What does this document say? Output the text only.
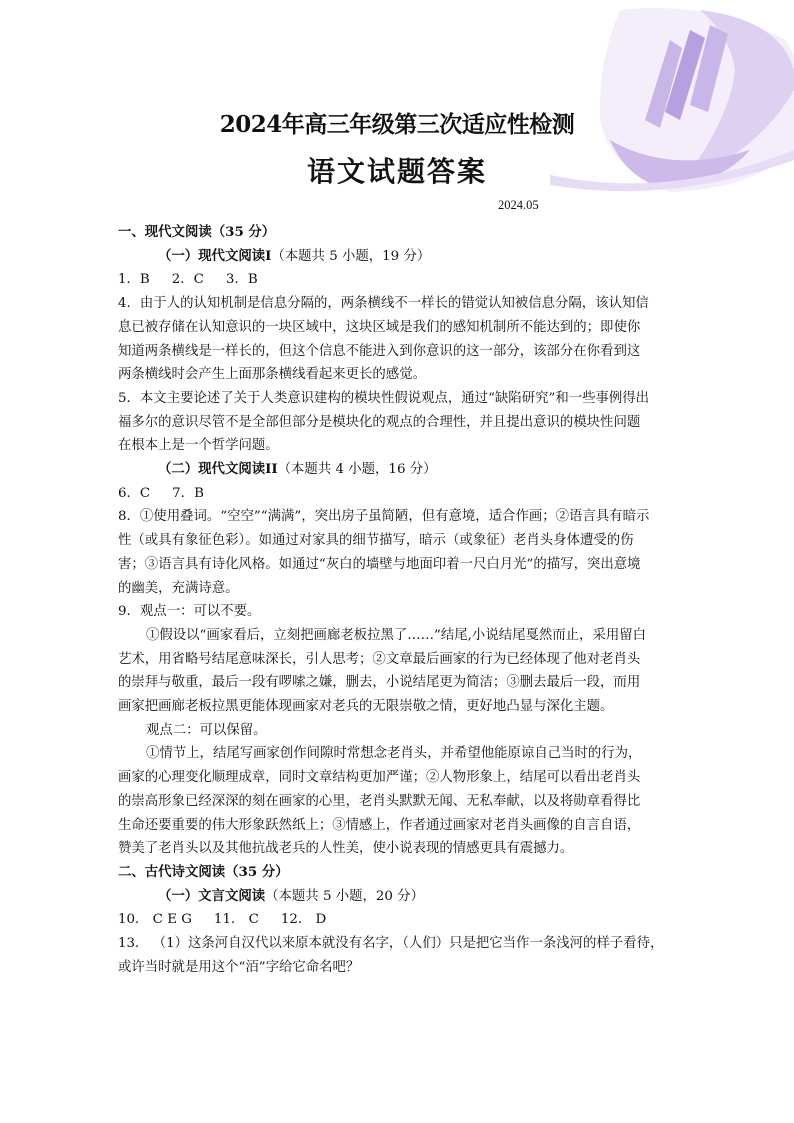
2024年高三年级第三次适应性检测
语文试题答案
2024.05

一、现代文阅读（35 分）

（一）现代文阅读I（本题共 5 小题，19 分）

1．B 2．C 3．B

4．由于人的认知机制是信息分隔的，两条横线不一样长的错觉认知被信息分隔，该认知信

息已被存储在认知意识的一块区域中，这块区域是我们的感知机制所不能达到的；即使你

知道两条横线是一样长的，但这个信息不能进入到你意识的这一部分，该部分在你看到这

两条横线时会产生上面那条横线看起来更长的感觉。

5．本文主要论述了关于人类意识建构的模块性假说观点，通过“缺陷研究”和一些事例得出

福多尔的意识尽管不是全部但部分是模块化的观点的合理性，并且提出意识的模块性问题

在根本上是一个哲学问题。

（二）现代文阅读II（本题共 4 小题，16 分）

6．C 7．B

8．①使用叠词。“空空”“满满”，突出房子虽简陋，但有意境，适合作画；②语言具有暗示

性（或具有象征色彩）。如通过对家具的细节描写，暗示（或象征）老肖头身体遭受的伤

害；③语言具有诗化风格。如通过“灰白的墙壁与地面印着一尺白月光”的描写，突出意境

的幽美，充满诗意。

9．观点一：可以不要。

①假设以“画家看后，立刻把画廊老板拉黑了……”结尾,小说结尾戛然而止，采用留白

艺术，用省略号结尾意味深长，引人思考；②文章最后画家的行为已经体现了他对老肖头

的崇拜与敬重，最后一段有啰嗦之嫌，删去，小说结尾更为简洁；③删去最后一段，而用

画家把画廊老板拉黑更能体现画家对老兵的无限崇敬之情，更好地凸显与深化主题。

观点二：可以保留。

①情节上，结尾写画家创作间隙时常想念老肖头，并希望他能原谅自己当时的行为，

画家的心理变化顺理成章，同时文章结构更加严谨；②人物形象上，结尾可以看出老肖头

的崇高形象已经深深的刻在画家的心里，老肖头默默无闻、无私奉献，以及将勋章看得比

生命还要重要的伟大形象跃然纸上；③情感上，作者通过画家对老肖头画像的自言自语，

赞美了老肖头以及其他抗战老兵的人性美，使小说表现的情感更具有震撼力。

二、古代诗文阅读（35 分）

（一）文言文阅读（本题共 5 小题，20 分）

10． C E G 11． C 12． D

13． （1）这条河自汉代以来原本就没有名字，（人们）只是把它当作一条浅河的样子看待，

或许当时就是用这个“洦”字给它命名吧？
